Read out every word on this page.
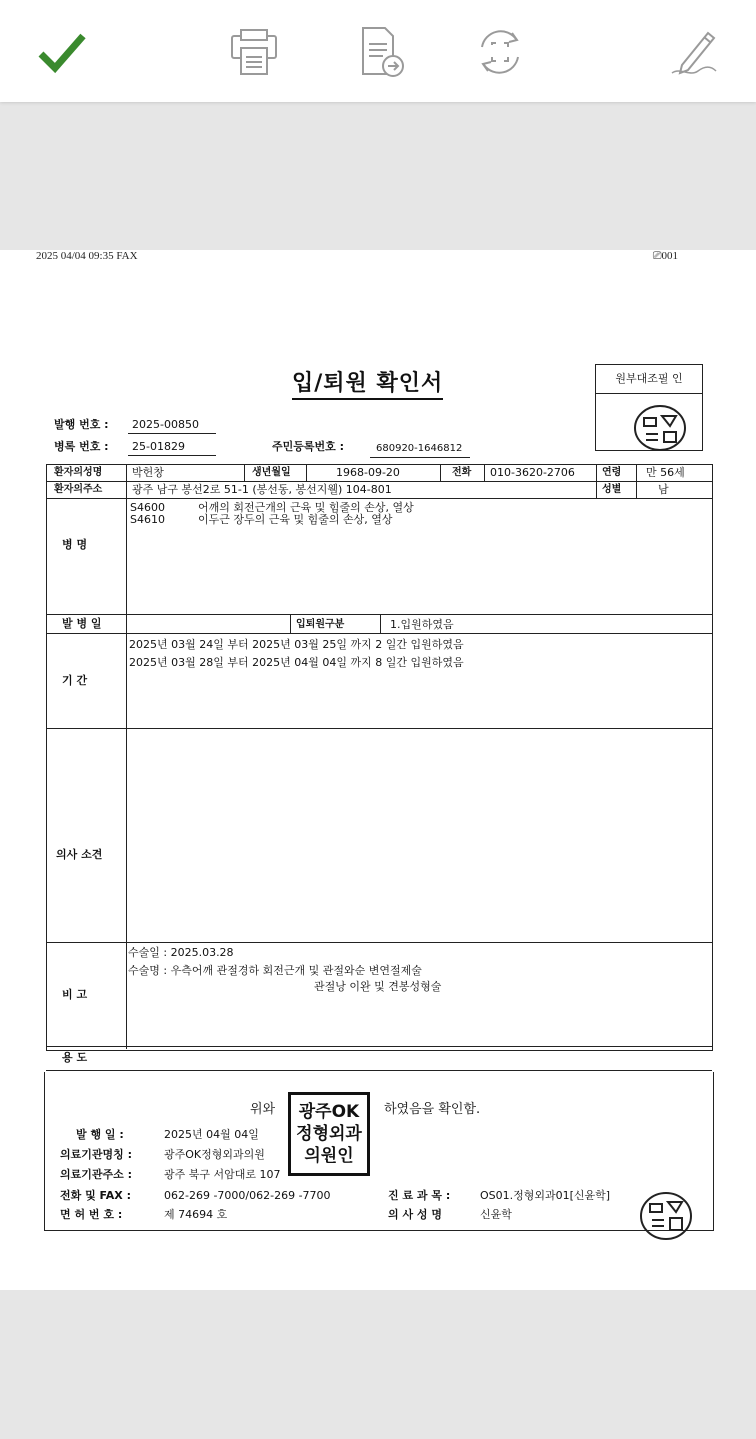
2025 04/04 09:35 FAX	⎚001
입/퇴원 확인서	원부대조필 인
발행 번호 : 2025-00850
병록 번호 : 25-01829	주민등록번호 :	680920-1646812
환자의성명	박헌창	생년월일	1968-09-20	전화 010-3620-2706	연령 만 56세
환자의주소	광주 남구 봉선2로 51-1 (봉선동, 봉선지웰) 104-801	성별	남
병 명
S4600	어깨의 회전근개의 근육 및 힘줄의 손상, 열상
S4610	이두근 장두의 근육 및 힘줄의 손상, 열상
발 병 일	입퇴원구분	1.입원하였음
기 간
2025년 03월 24일 부터 2025년 03월 25일 까지 2 일간 입원하였음
2025년 03월 28일 부터 2025년 04월 04일 까지 8 일간 입원하였음
의사 소견
비 고
수술일 : 2025.03.28
수술명 : 우측어깨 관절경하 회전근개 및 관절와순 변연절제술
관절낭 이완 및 견봉성형술
용 도
위와	하였음을 확인함.
발 행 일 :	2025년 04월 04일
의료기관명칭 :	광주OK정형외과의원
의료기관주소 :	광주 북구 서암대로 107
전화 및 FAX :	062-269 -7000/062-269 -7700
면 허 번 호 :	제 74694 호
진 료 과 목 :	OS01.정형외과01[신윤학]
의 사 성 명	신윤학
광주OK
정형외과
의원인
